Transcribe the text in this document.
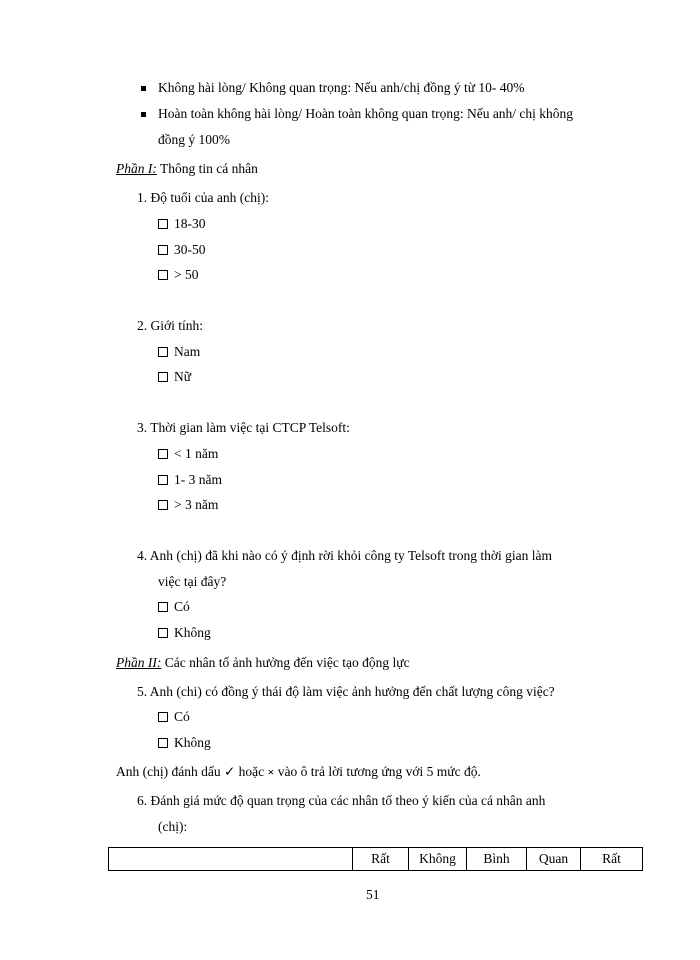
Không hài lòng/ Không quan trọng: Nếu anh/chị đồng ý từ 10- 40%
Hoàn toàn không hài lòng/ Hoàn toàn không quan trọng: Nếu anh/ chị không
đồng ý 100%
Phần I: Thông tin cá nhân
1. Độ tuổi của anh (chị):
18-30
30-50
> 50
2. Giới tính:
Nam
Nữ
3. Thời gian làm việc tại CTCP Telsoft:
< 1 năm
1- 3 năm
> 3 năm
4. Anh (chị) đã khi nào có ý định rời khỏi công ty Telsoft trong thời gian làm
việc tại đây?
Có
Không
Phần II: Các nhân tố ảnh hưởng đến việc tạo động lực
5. Anh (chi) có đồng ý thái độ làm việc ảnh hưởng đến chất lượng công việc?
Có
Không
Anh (chị) đánh dấu ✓ hoặc × vào ô trả lời tương ứng với 5 mức độ.
6. Đánh giá mức độ quan trọng của các nhân tố theo ý kiến của cá nhân anh
(chị):
	Rất	Không	Bình	Quan	Rất
51
